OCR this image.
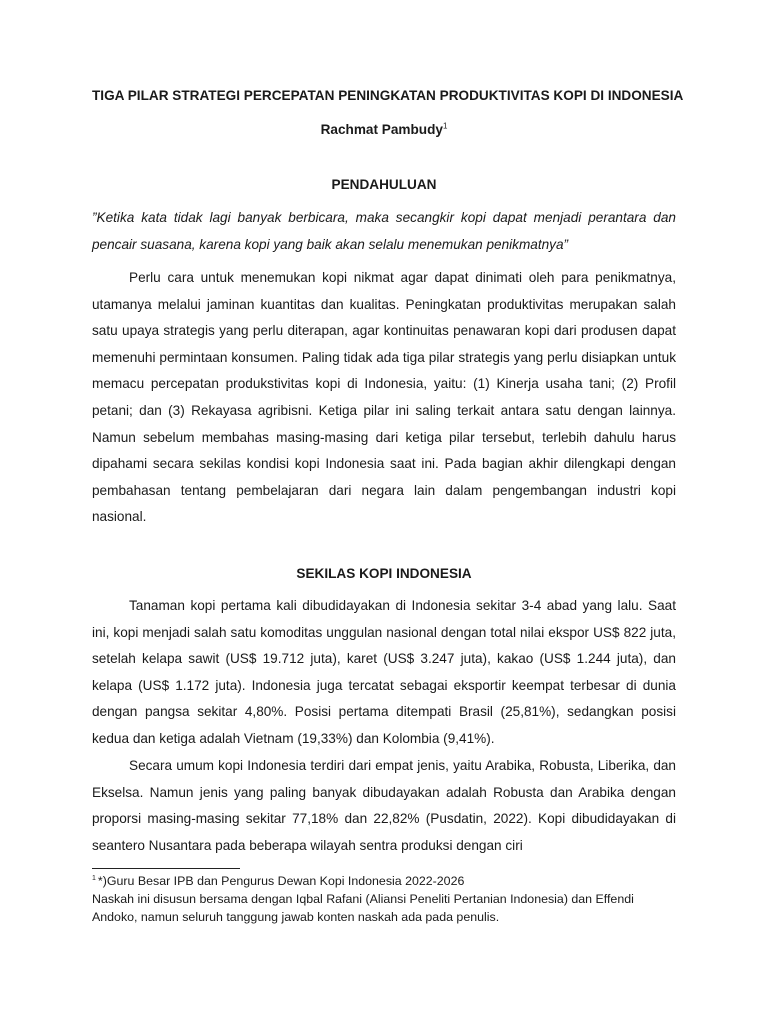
TIGA PILAR STRATEGI PERCEPATAN PENINGKATAN PRODUKTIVITAS KOPI DI INDONESIA
Rachmat Pambudy$^1$
PENDAHULUAN
”Ketika kata tidak lagi banyak berbicara, maka secangkir kopi dapat menjadi perantara dan pencair suasana, karena kopi yang baik akan selalu menemukan penikmatnya”

Perlu cara untuk menemukan kopi nikmat agar dapat dinimati oleh para penikmatnya, utamanya melalui jaminan kuantitas dan kualitas. Peningkatan produktivitas merupakan salah satu upaya strategis yang perlu diterapan, agar kontinuitas penawaran kopi dari produsen dapat memenuhi permintaan konsumen. Paling tidak ada tiga pilar strategis yang perlu disiapkan untuk memacu percepatan produkstivitas kopi di Indonesia, yaitu: (1) Kinerja usaha tani; (2) Profil petani; dan (3) Rekayasa agribisni. Ketiga pilar ini saling terkait antara satu dengan lainnya. Namun sebelum membahas masing-masing dari ketiga pilar tersebut, terlebih dahulu harus dipahami secara sekilas kondisi kopi Indonesia saat ini. Pada bagian akhir dilengkapi dengan pembahasan tentang pembelajaran dari negara lain dalam pengembangan industri kopi nasional.

SEKILAS KOPI INDONESIA

Tanaman kopi pertama kali dibudidayakan di Indonesia sekitar 3-4 abad yang lalu. Saat ini, kopi menjadi salah satu komoditas unggulan nasional dengan total nilai ekspor US$ 822 juta, setelah kelapa sawit (US$ 19.712 juta), karet (US$ 3.247 juta), kakao (US$ 1.244 juta), dan kelapa (US$ 1.172 juta). Indonesia juga tercatat sebagai eksportir keempat terbesar di dunia dengan pangsa sekitar 4,80%. Posisi pertama ditempati Brasil (25,81%), sedangkan posisi kedua dan ketiga adalah Vietnam (19,33%) dan Kolombia (9,41%).

Secara umum kopi Indonesia terdiri dari empat jenis, yaitu Arabika, Robusta, Liberika, dan Ekselsa. Namun jenis yang paling banyak dibudayakan adalah Robusta dan Arabika dengan proporsi masing-masing sekitar 77,18% dan 22,82% (Pusdatin, 2022). Kopi dibudidayakan di seantero Nusantara pada beberapa wilayah sentra produksi dengan ciri

$^1$ *)Guru Besar IPB dan Pengurus Dewan Kopi Indonesia 2022-2026
Naskah ini disusun bersama dengan Iqbal Rafani (Aliansi Peneliti Pertanian Indonesia) dan Effendi Andoko, namun seluruh tanggung jawab konten naskah ada pada penulis.
